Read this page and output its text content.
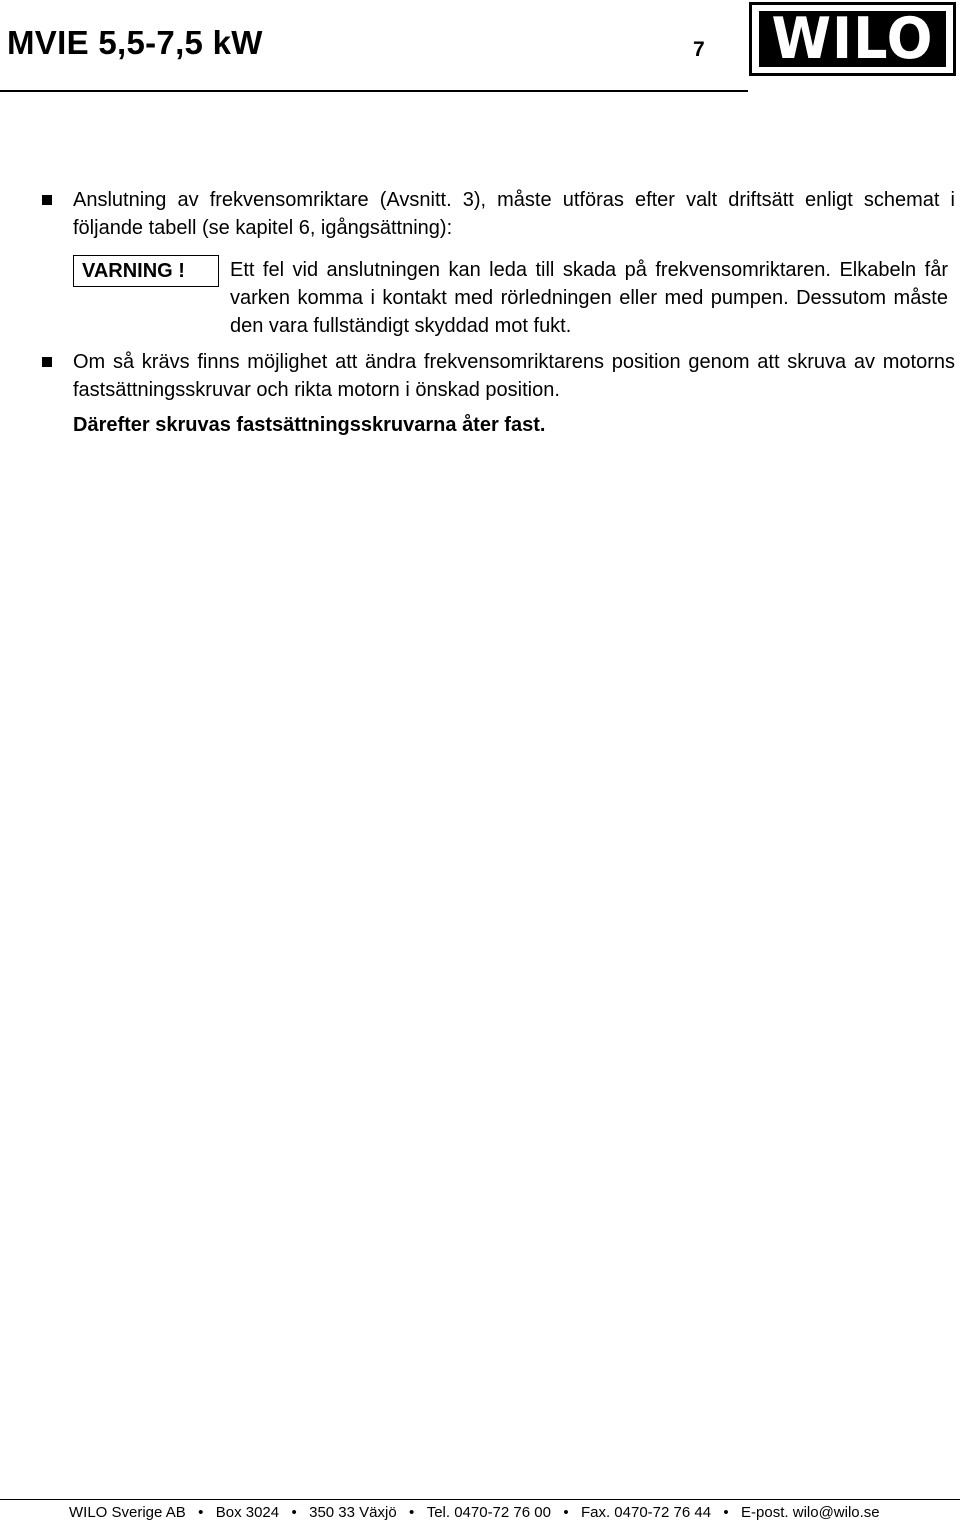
MVIE 5,5-7,5 kW	7 WILO
Anslutning av frekvensomriktare (Avsnitt. 3), måste utföras efter valt driftsätt enligt schemat i följande tabell (se kapitel 6, igångsättning):
VARNING !	Ett fel vid anslutningen kan leda till skada på frekvensomriktaren. Elkabeln får varken komma i kontakt med rörledningen eller med pumpen. Dessutom måste den vara fullständigt skyddad mot fukt.
Om så krävs finns möjlighet att ändra frekvensomriktarens position genom att skruva av motorns fastsättningsskruvar och rikta motorn i önskad position.
Därefter skruvas fastsättningsskruvarna åter fast.
WILO Sverige AB • Box 3024 • 350 33 Växjö • Tel. 0470-72 76 00 • Fax. 0470-72 76 44 • E-post. wilo@wilo.se
